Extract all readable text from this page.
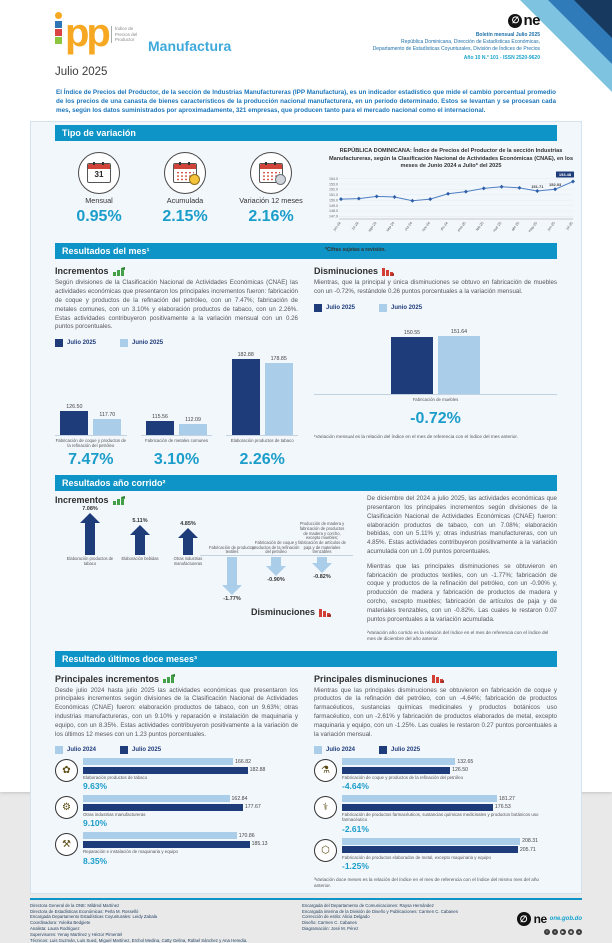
pp	Índice de Precios del Productor Manufactura
Julio 2025
∅ ne
Boletín mensual Julio 2025
República Dominicana, Dirección de Estadísticas Económicas,
Departamento de Estadísticas Coyunturales, División de Índices de Precios
Año 10 N.° 101 - ISSN 2520-9620

El Índice de Precios del Productor, de la sección de Industrias Manufactureras (IPP Manufactura), es un indicador estadístico que mide el cambio porcentual promedio de los precios de una canasta de bienes característicos de la producción nacional manufacturera, en un período determinado. Estos se levantan y se procesan cada mes, según los datos suministrados por aproximadamente, 321 empresas, que producen tanto para el mercado nacional como el internacional.

Tipo de variación
31
Mensual
0.95%
Acumulada
2.15%
Variación 12 meses
2.16%
REPÚBLICA DOMINICANA: Índice de Precios del Productor de la sección Industrias Manufactureras, según la Clasificación Nacional de Actividades Económicas (CNAE), en los meses de Junio 2024 a Julio* del 2025
154.0
153.0
152.0
151.0
150.0
149.0
148.0
147.0
jun-24	jul-24 ago-24 sep-24 oct-24 nov-24 dic-24 ene-25 feb-25 mar-25 abr-25
151.71
may-25
152.03
jun-25
153.48
jul-25
*Cifras sujetas a revisión.
Resultados del mes¹
Incrementos

Según divisiones de la Clasificación Nacional de Actividades Económicas (CNAE) las actividades económicas que presentaron los principales incrementos fueron: fabricación de coque y productos de la refinación del petróleo, con un 7.47%; fabricación de metales comunes, con un 3.10% y elaboración productos de tabaco, con un 2.26%. Estas actividades contribuyeron positivamente a la variación mensual con un 0.26 puntos porcentuales.

Julio 2025	Junio 2025
126.50
117.70
Fabricación de coque y productos de la refinación del petróleo
7.47%
115.56
112.09
Fabricación de metales comunes
3.10%
182.88
178.85
Elaboración productos de tabaco
2.26%
Disminuciones

Mientras, que la principal y única disminuciones se obtuvo en fabricación de muebles con un -0.72%, restándole 0.26 puntos porcentuales a la variación mensual.

Julio 2025	Junio 2025
150.55	151.64
Fabricación de muebles
-0.72%
¹Variación mensual es la relación del índice en el mes de referencia con el índice del mes anterior.
Resultados año corrido²
Incrementos
7.08%
5.11%	4.85%
Elaboración productos de tabaco
Elaboración bebidas	Otras industrias manufactureras
Fabricación de productos textiles
Fabricación de coque y productos de la refinación del petróleo
Producción de madera y fabricación de productos de madera y corcho, excepto muebles; fabricación de artículos de paja y de materiales trenzables
-1.77%
-0.90%	-0.82%
Disminuciones

De diciembre del 2024 a julio 2025, las actividades económicas que presentaron los principales incrementos según divisiones de la Clasificación Nacional de Actividades Económicas (CNAE) fueron: elaboración productos de tabaco, con un 7.08%; elaboración bebidas, con un 5.11% y; otras industrias manufactureras, con un 4.85%. Estas actividades contribuyeron positivamente a la variación acumulada con un 1.09 puntos porcentuales.

Mientras que las principales disminuciones se obtuvieron en fabricación de productos textiles, con un -1.77%; fabricación de coque y productos de la refinación del petróleo, con un -0.90% y, producción de madera y fabricación de productos de madera y corcho, excepto muebles; fabricación de artículos de paja y de materiales trenzables, con un -0.82%. Las cuales le restaron 0.07 puntos porcentuales a la variación acumulada.

²Variación año corrido es la relación del índice en el mes de referencia con el índice del mes de diciembre del año anterior.
Resultado últimos doce meses³
Principales incrementos

Desde julio 2024 hasta julio 2025 las actividades económicas que presentaron los principales incrementos según divisiones de la Clasificación Nacional de Actividades Económicas (CNAE) fueron: elaboración productos de tabaco, con un 9.63%; otras industrias manufactureras, con un 9.10% y reparación e instalación de maquinaria y equipo, con un 8.35%. Estas actividades contribuyeron positivamente a la variación de los últimos 12 meses con un 1.23 puntos porcentuales.

Julio 2024	Julio 2025
✿
166.82
182.88
Elaboración productos de tabaco
9.63%
⚙
162.84
177.67
Otras industrias manufactureras
9.10%
⚒
170.86
185.13
Reparación e instalación de maquinaria y equipo
8.35%
Principales disminuciones

Mientras que las principales disminuciones se obtuvieron en fabricación de coque y productos de la refinación del petróleo, con un -4.64%; fabricación de productos farmacéuticos, sustancias químicas medicinales y productos botánicos uso farmacéutico, con un -2.61% y fabricación de productos elaborados de metal, excepto maquinaria y equipo, con un -1.25%. Las cuales le restaron 0.27 puntos porcentuales a la variación mensual.

Julio 2024	Julio 2025
⚗
132.65
126.50
Fabricación de coque y productos de la refinación del petróleo
-4.64%
⚕
181.27
176.53
Fabricación de productos farmacéuticos, sustancias químicas medicinales y productos botánicos uso farmacéutico
-2.61%
⬡
208.31
205.71
Fabricación de productos elaborados de metal, excepto maquinaria y equipo
-1.25%
³Variación doce meses es la relación del índice en el mes de referencia con el índice del mismo mes del año anterior.
Directora General de la ONE: Mildred Martínez
Directora de Estadísticas Económicas: Perla M. Rosselló
Encargada Departamento Estadísticas Coyunturales: Leidy Zabala
Coordinadora: Yuleika Bedgiete
Analista: Laura Rodríguez
Supervisores: Yenay Martínez y Héctor Pimentel
Técnicos: Luis Guzmán, Luis Sued, Miguel Martínez, Erchol Medina, Catty Gelina, Rafael Sánchez y Ana Heredia.
Encargada del Departamento de Comunicaciones: Raysa Hernández
Encargada interina de la División de Diseño y Publicaciones: Carmen C. Cabanes
Corrección de estilo: Alicia Delgado
Diseño: Carmen C. Cabanes
Diagramación: José M. Pérez
∅ ne one.gob.do
f	x	▶	◉	●
